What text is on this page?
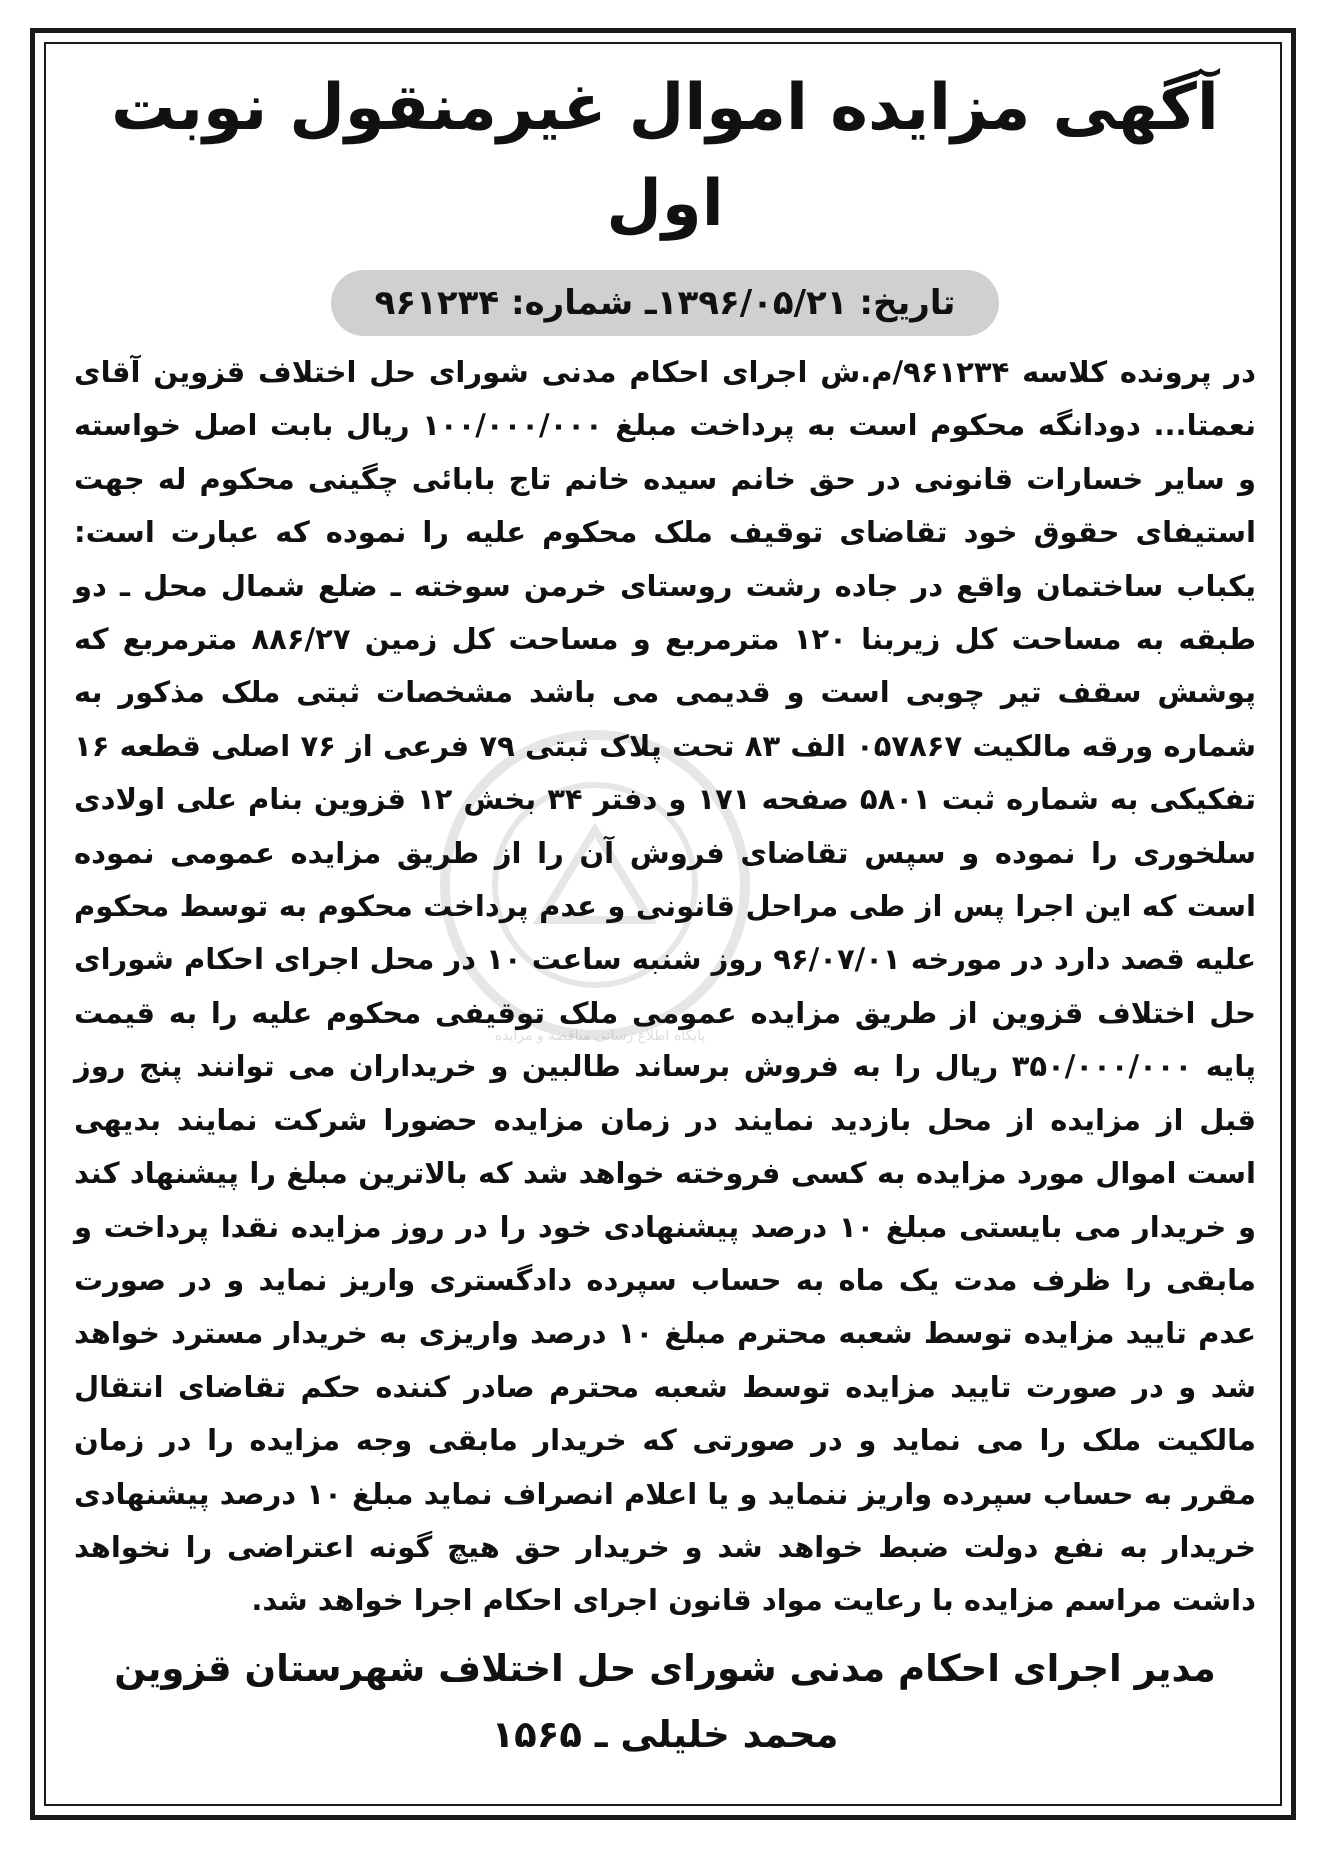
آگهی مزایده اموال غیرمنقول نوبت اول
تاریخ: ۱۳۹۶/۰۵/۲۱ـ شماره: ۹۶۱۲۳۴
در پرونده کلاسه ۹۶۱۲۳۴/م.ش اجرای احکام مدنی شورای حل اختلاف قزوین آقای نعمتا... دودانگه محکوم است به پرداخت مبلغ ۱۰۰/۰۰۰/۰۰۰ ریال بابت اصل خواسته و سایر خسارات قانونی در حق خانم سیده خانم تاج بابائی چگینی محکوم له جهت استیفای حقوق خود تقاضای توقیف ملک محکوم علیه را نموده که عبارت است: یکباب ساختمان واقع در جاده رشت روستای خرمن سوخته ـ ضلع شمال محل ـ دو طبقه به مساحت کل زیربنا ۱۲۰ مترمربع و مساحت کل زمین ۸۸۶/۲۷ مترمربع که پوشش سقف تیر چوبی است و قدیمی می باشد مشخصات ثبتی ملک مذکور به شماره ورقه مالکیت ۰۵۷۸۶۷ الف ۸۳ تحت پلاک ثبتی ۷۹ فرعی از ۷۶ اصلی قطعه ۱۶ تفکیکی به شماره ثبت ۵۸۰۱ صفحه ۱۷۱ و دفتر ۳۴ بخش ۱۲ قزوین بنام علی اولادی سلخوری را نموده و سپس تقاضای فروش آن را از طریق مزایده عمومی نموده است که این اجرا پس از طی مراحل قانونی و عدم پرداخت محکوم به توسط محکوم علیه قصد دارد در مورخه ۹۶/۰۷/۰۱ روز شنبه ساعت ۱۰ در محل اجرای احکام شورای حل اختلاف قزوین از طریق مزایده عمومی ملک توقیفی محکوم علیه را به قیمت پایه ۳۵۰/۰۰۰/۰۰۰ ریال را به فروش برساند طالبین و خریداران می توانند پنج روز قبل از مزایده از محل بازدید نمایند در زمان مزایده حضورا شرکت نمایند بدیهی است اموال مورد مزایده به کسی فروخته خواهد شد که بالاترین مبلغ را پیشنهاد کند و خریدار می بایستی مبلغ ۱۰ درصد پیشنهادی خود را در روز مزایده نقدا پرداخت و مابقی را ظرف مدت یک ماه به حساب سپرده دادگستری واریز نماید و در صورت عدم تایید مزایده توسط شعبه محترم مبلغ ۱۰ درصد واریزی به خریدار مسترد خواهد شد و در صورت تایید مزایده توسط شعبه محترم صادر کننده حکم تقاضای انتقال مالکیت ملک را می نماید و در صورتی که خریدار مابقی وجه مزایده را در زمان مقرر به حساب سپرده واریز ننماید و یا اعلام انصراف نماید مبلغ ۱۰ درصد پیشنهادی خریدار به نفع دولت ضبط خواهد شد و خریدار حق هیچ گونه اعتراضی را نخواهد داشت مراسم مزایده با رعایت مواد قانون اجرای احکام اجرا خواهد شد.
مدیر اجرای احکام مدنی شورای حل اختلاف شهرستان قزوین
محمد خلیلی ـ ۱۵۶۵
پایگاه اطلاع رسانی مناقصه و مزایده
